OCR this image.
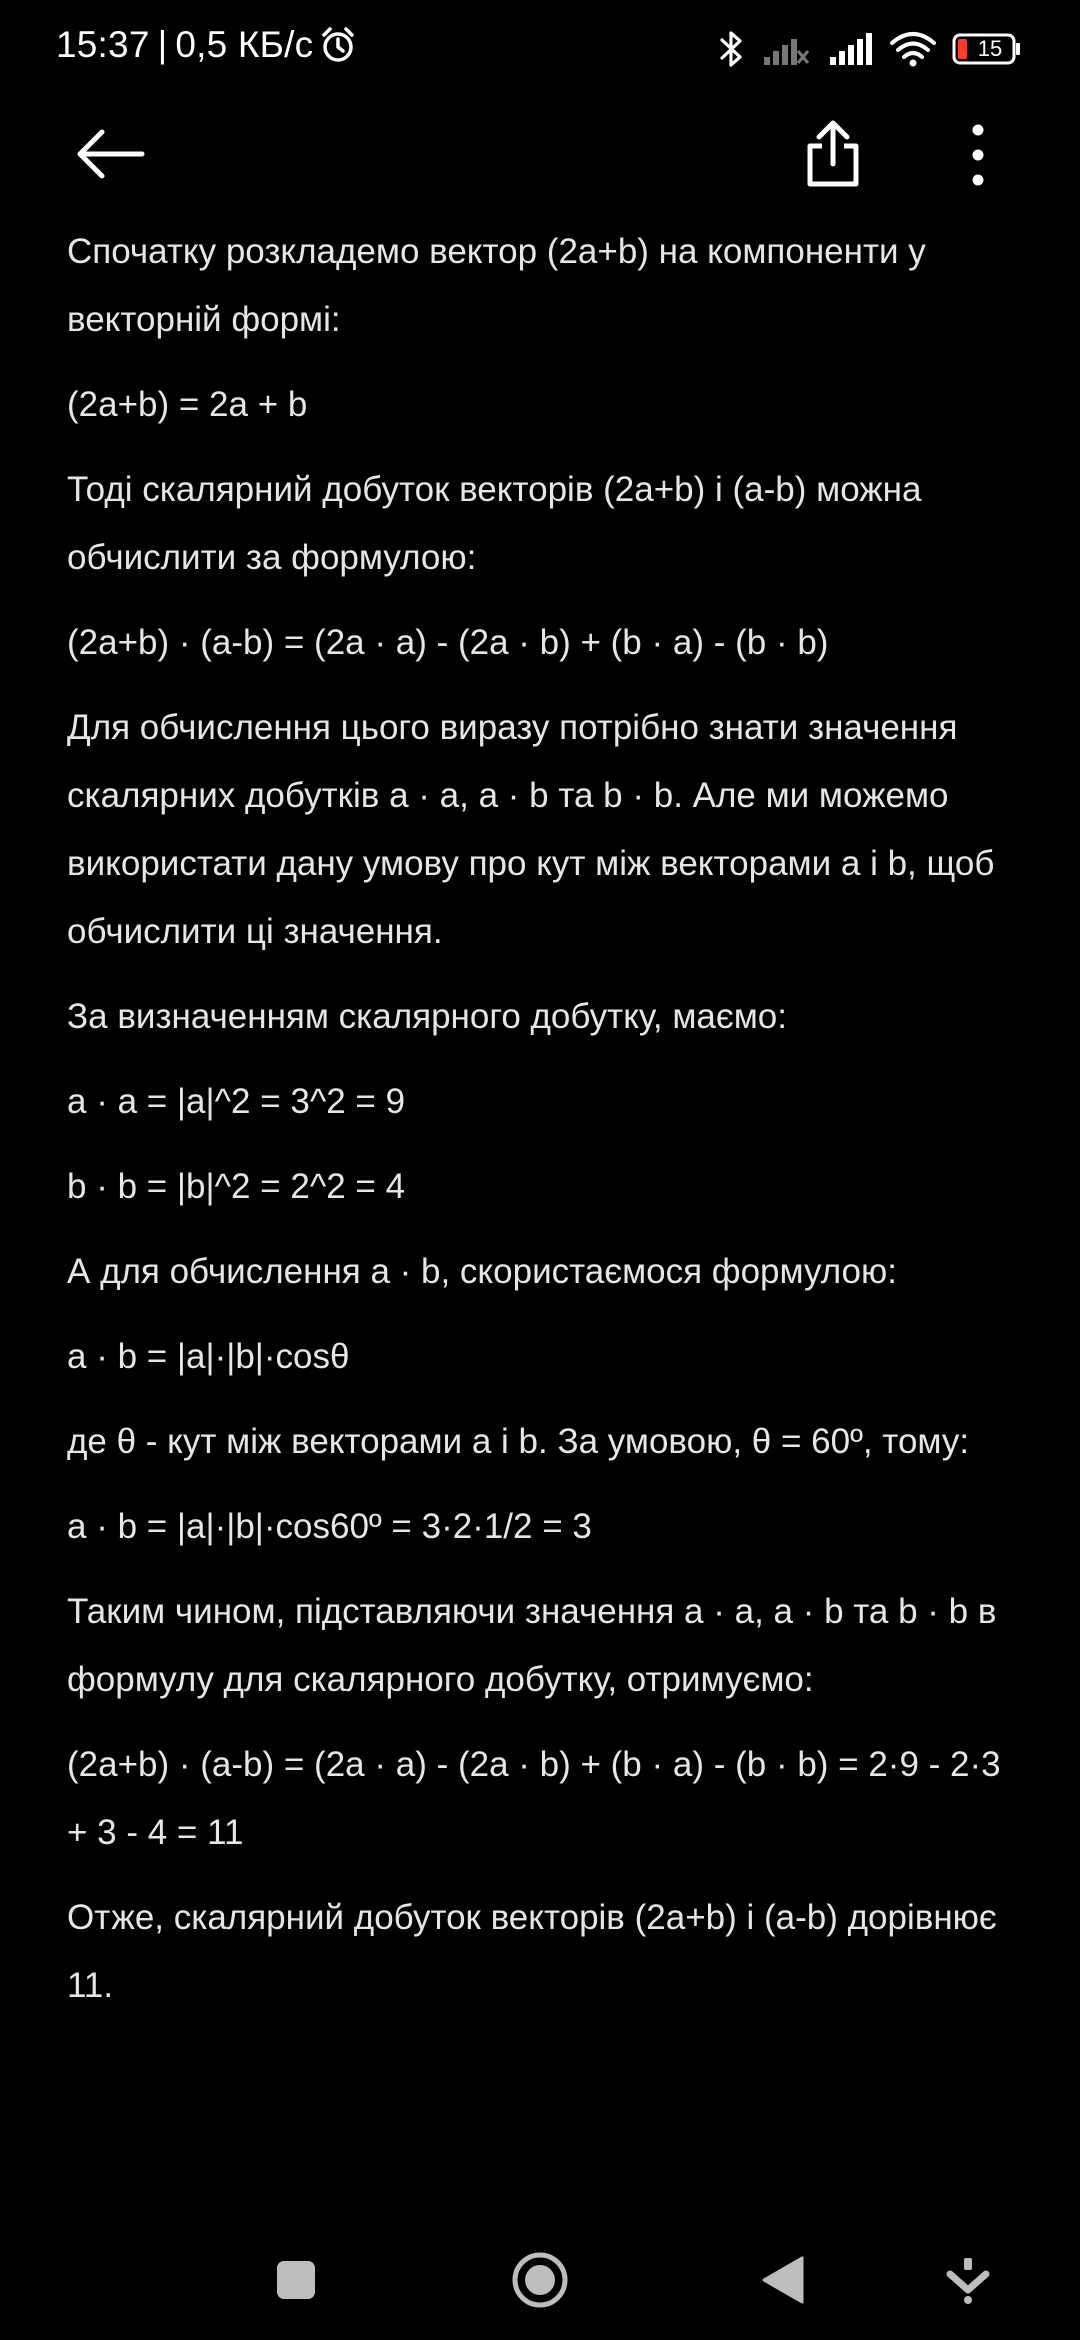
15:37 | 0,5 КБ/с	15

Спочатку розкладемо вектор (2a+b) на компоненти у векторній формі:

(2a+b) = 2a + b

Тоді скалярний добуток векторів (2a+b) і (a-b) можна обчислити за формулою:

(2a+b) · (a-b) = (2a · a) - (2a · b) + (b · a) - (b · b)

Для обчислення цього виразу потрібно знати значення скалярних добутків a · a, a · b та b · b. Але ми можемо використати дану умову про кут між векторами a і b, щоб обчислити ці значення.

За визначенням скалярного добутку, маємо:

a · a = |a|^2 = 3^2 = 9

b · b = |b|^2 = 2^2 = 4

А для обчислення a · b, скористаємося формулою:

a · b = |a|·|b|·cosθ

де θ - кут між векторами a і b. За умовою, θ = 60º, тому:

a · b = |a|·|b|·cos60º = 3·2·1/2 = 3

Таким чином, підставляючи значення a · a, a · b та b · b в формулу для скалярного добутку, отримуємо:

(2a+b) · (a-b) = (2a · a) - (2a · b) + (b · a) - (b · b) = 2·9 - 2·3 + 3 - 4 = 11

Отже, скалярний добуток векторів (2a+b) і (a-b) дорівнює 11.
